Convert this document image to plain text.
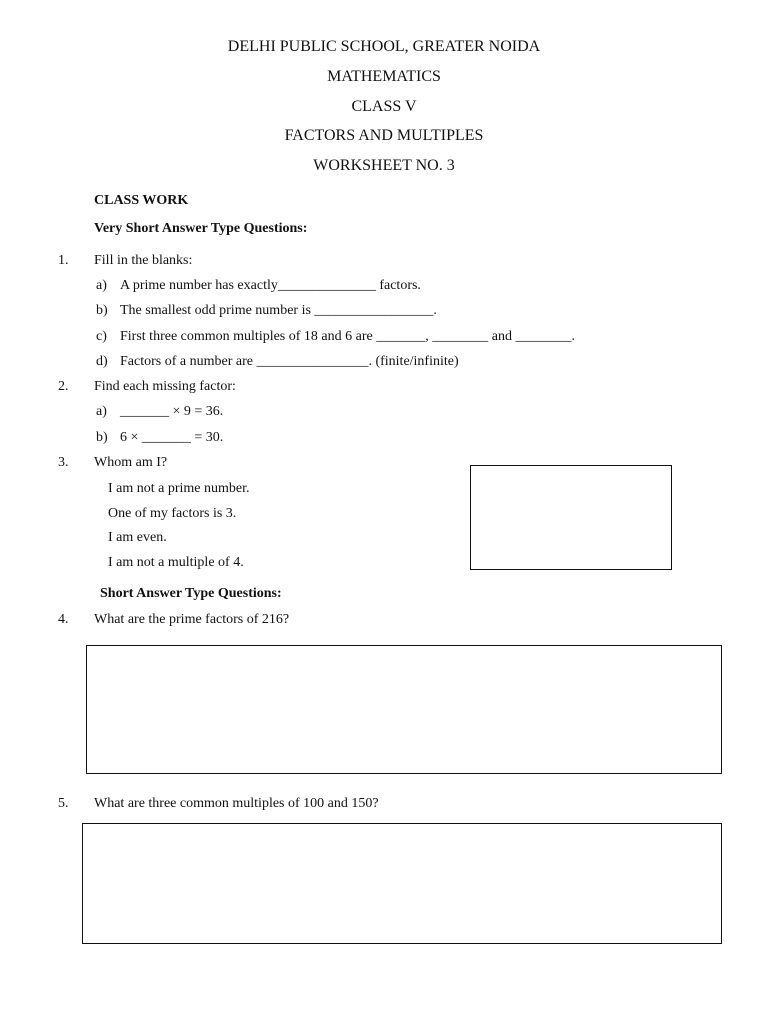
DELHI PUBLIC SCHOOL, GREATER NOIDA
MATHEMATICS
CLASS V
FACTORS AND MULTIPLES
WORKSHEET NO. 3
CLASS WORK
Very Short Answer Type Questions:
1. Fill in the blanks:
a) A prime number has exactly______________ factors.
b) The smallest odd prime number is _________________.
c) First three common multiples of 18 and 6 are _______, ________ and ________.
d) Factors of a number are ________________. (finite/infinite)
2. Find each missing factor:
a) _______ × 9 = 36.
b) 6 × _______ = 30.
3. Whom am I?
I am not a prime number.
One of my factors is 3.
I am even.
I am not a multiple of 4.
Short Answer Type Questions:
4. What are the prime factors of 216?
5. What are three common multiples of 100 and 150?
